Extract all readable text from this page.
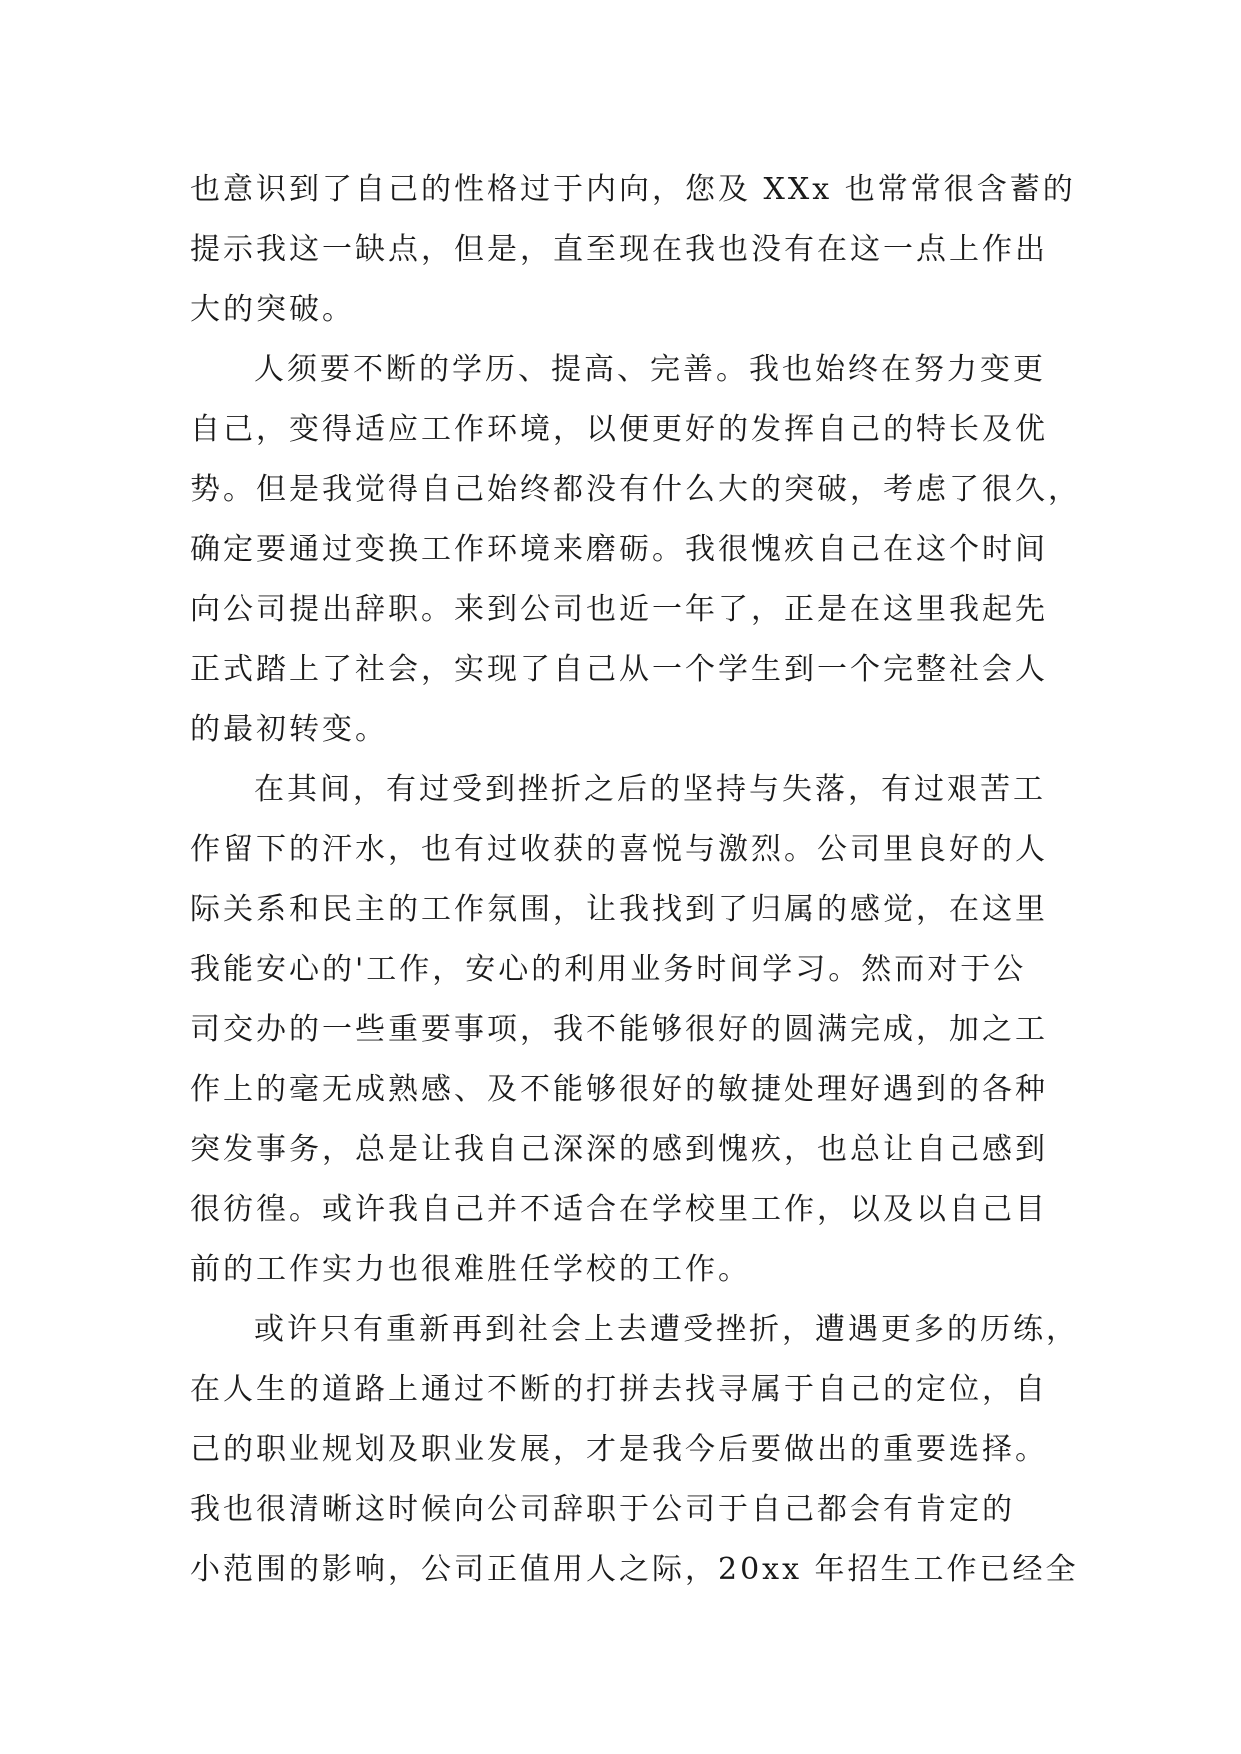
也意识到了自己的性格过于内向，您及 XXx 也常常很含蓄的
提示我这一缺点，但是，直至现在我也没有在这一点上作出
大的突破。
人须要不断的学历、提高、完善。我也始终在努力变更
自己，变得适应工作环境，以便更好的发挥自己的特长及优
势。但是我觉得自己始终都没有什么大的突破，考虑了很久，
确定要通过变换工作环境来磨砺。我很愧疚自己在这个时间
向公司提出辞职。来到公司也近一年了，正是在这里我起先
正式踏上了社会，实现了自己从一个学生到一个完整社会人
的最初转变。
在其间，有过受到挫折之后的坚持与失落，有过艰苦工
作留下的汗水，也有过收获的喜悦与激烈。公司里良好的人
际关系和民主的工作氛围，让我找到了归属的感觉，在这里
我能安心的'工作，安心的利用业务时间学习。然而对于公
司交办的一些重要事项，我不能够很好的圆满完成，加之工
作上的毫无成熟感、及不能够很好的敏捷处理好遇到的各种
突发事务，总是让我自己深深的感到愧疚，也总让自己感到
很彷徨。或许我自己并不适合在学校里工作，以及以自己目
前的工作实力也很难胜任学校的工作。
或许只有重新再到社会上去遭受挫折，遭遇更多的历练，
在人生的道路上通过不断的打拼去找寻属于自己的定位，自
己的职业规划及职业发展，才是我今后要做出的重要选择。
我也很清晰这时候向公司辞职于公司于自己都会有肯定的
小范围的影响，公司正值用人之际，20xx 年招生工作已经全
